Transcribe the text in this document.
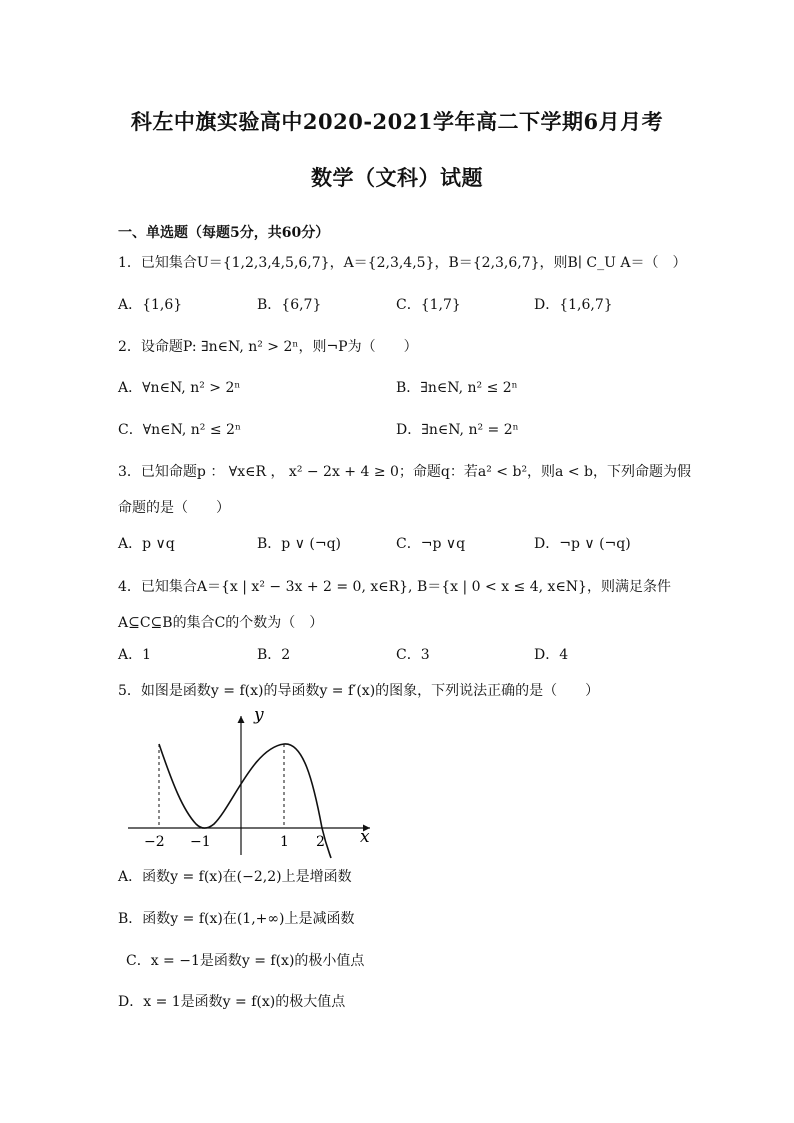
科左中旗实验高中2020-2021学年高二下学期6月月考
数学（文科）试题
一、单选题（每题5分，共60分）
1．已知集合U＝{1,2,3,4,5,6,7}，A＝{2,3,4,5}，B＝{2,3,6,7}，则B∣ C_U A＝（　）
A．{1,6}	B．{6,7}	C．{1,7}	D．{1,6,7}
2．设命题P: ∃n∈N, n² > 2ⁿ，则¬P为（　　）
A．∀n∈N, n² > 2ⁿ	B．∃n∈N, n² ≤ 2ⁿ
C．∀n∈N, n² ≤ 2ⁿ	D．∃n∈N, n² = 2ⁿ
3．已知命题p ： ∀x∈R ， x² − 2x + 4 ≥ 0；命题q：若a² < b²，则a < b，下列命题为假
命题的是（　　）
A．p ∨q	B．p ∨ (¬q)	C．¬p ∨q	D．¬p ∨ (¬q)
4．已知集合A＝{x | x² − 3x + 2 = 0, x∈R}, B＝{x | 0 < x ≤ 4, x∈N}，则满足条件
A⊆C⊆B的集合C的个数为（　）
A．1	B．2	C．3	D．4
5．如图是函数y = f(x)的导函数y = f′(x)的图象，下列说法正确的是（　　）
y
x
−2 −1	1 2
A．函数y = f(x)在(−2,2)上是增函数
B．函数y = f(x)在(1,+∞)上是减函数
C．x = −1是函数y = f(x)的极小值点
D．x = 1是函数y = f(x)的极大值点
